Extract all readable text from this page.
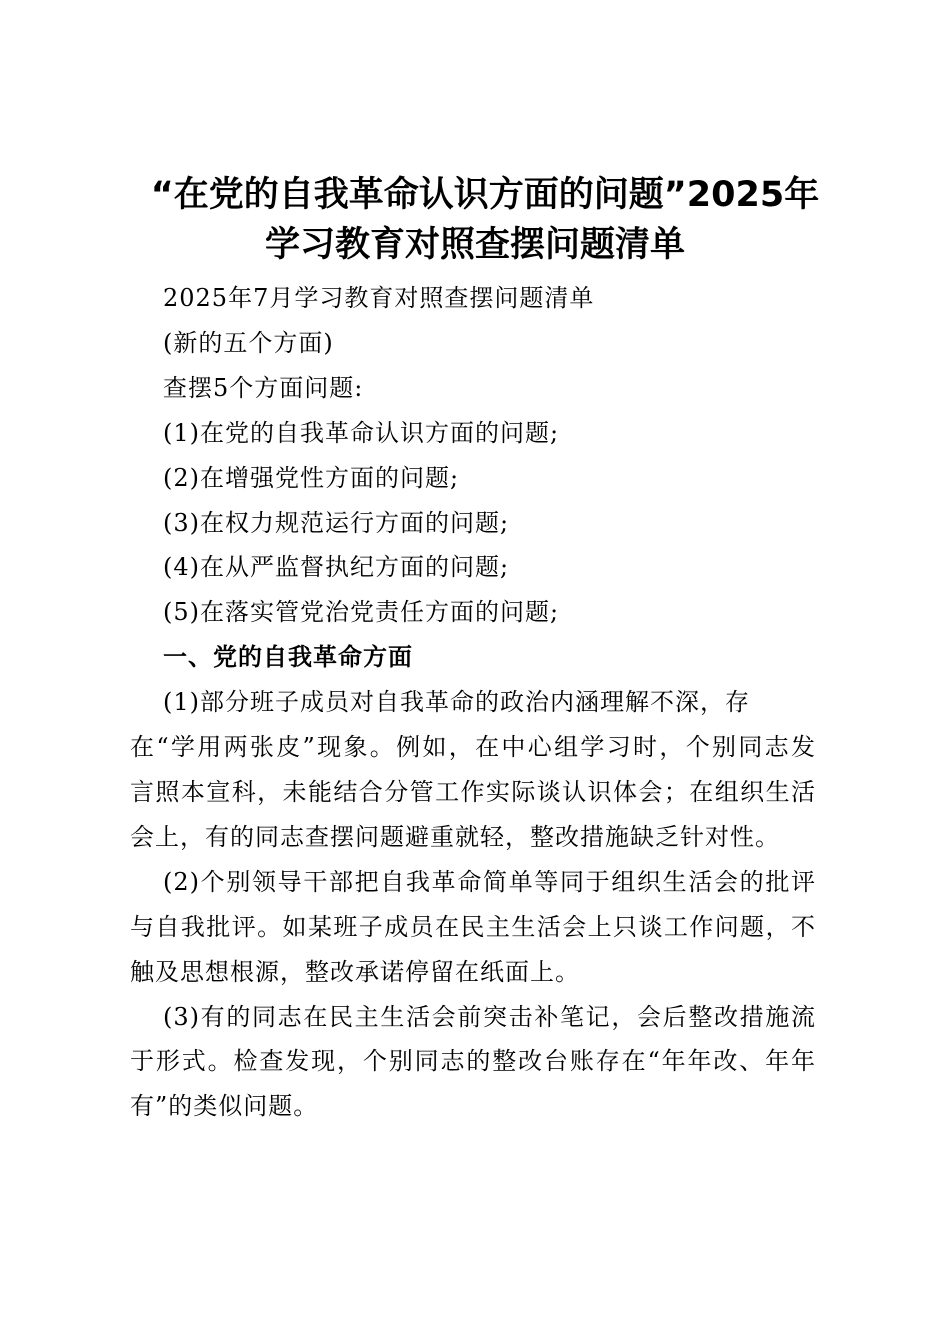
“在党的自我革命认识方面的问题”2025年
学习教育对照查摆问题清单
2025年7月学习教育对照查摆问题清单
(新的五个方面)
查摆5个方面问题:
(1)在党的自我革命认识方面的问题;
(2)在增强党性方面的问题;
(3)在权力规范运行方面的问题;
(4)在从严监督执纪方面的问题;
(5)在落实管党治党责任方面的问题;
一、党的自我革命方面
(1)部分班子成员对自我革命的政治内涵理解不深，存
在“学用两张皮”现象。例如，在中心组学习时，个别同志发
言照本宣科，未能结合分管工作实际谈认识体会；在组织生活
会上，有的同志查摆问题避重就轻，整改措施缺乏针对性。
(2)个别领导干部把自我革命简单等同于组织生活会的批评
与自我批评。如某班子成员在民主生活会上只谈工作问题，不
触及思想根源，整改承诺停留在纸面上。
(3)有的同志在民主生活会前突击补笔记，会后整改措施流
于形式。检查发现，个别同志的整改台账存在“年年改、年年
有”的类似问题。
